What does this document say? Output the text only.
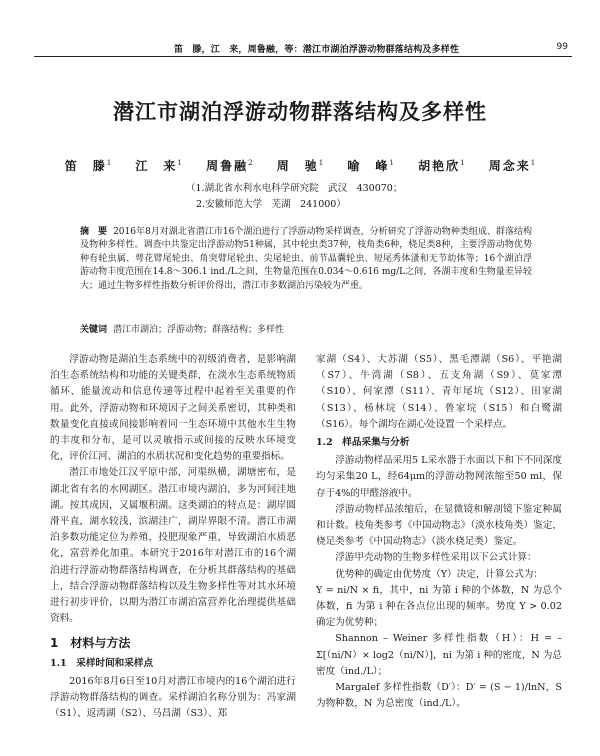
笛　滕，江　来，周鲁融，等：潜江市湖泊浮游动物群落结构及多样性	99
潜江市湖泊浮游动物群落结构及多样性
笛　滕$^1$ 江　来$^1$ 周鲁融$^2$ 周　驰$^1$ 喻　峰$^1$ 胡艳欣$^1$ 周念来$^1$
（1.湖北省水利水电科学研究院　武汉　430070；
2.安徽师范大学　芜湖　241000）
摘　要 2016年8月对湖北省潜江市16个湖泊进行了浮游动物采样调查，分析研究了浮游动物种类组成、群落结构及物种多样性。调查中共鉴定出浮游动物51种属，其中轮虫类37种，枝角类6种，桡足类8种，主要浮游动物优势种有轮虫属、萼花臂尾轮虫、角突臂尾轮虫、尖尾轮虫、前节晶囊轮虫、短尾秀体溞和无节幼体等；16个湖泊浮游动物丰度范围在14.8～306.1 ind./L之间，生物量范围在0.034～0.616 mg/L之间，各湖丰度和生物量差异较大；通过生物多样性指数分析评价得出，潜江市多数湖泊污染较为严重。
关键词 潜江市湖泊；浮游动物；群落结构；多样性

浮游动物是湖泊生态系统中的初级消费者，是影响湖泊生态系统结构和功能的关键类群，在淡水生态系统物质循环、能量流动和信息传递等过程中起着至关重要的作用。此外，浮游动物和环境因子之间关系密切，其种类和数量变化直接或间接影响着同一生态环境中其他水生生物的丰度和分布，是可以灵敏指示或间接的反映水环境变化，评价江河、湖泊的水质状况和变化趋势的重要指标。

潜江市地处江汉平原中部，河渠纵横，湖塘密布，是湖北省有名的水网湖区。潜江市境内湖泊，多为河间洼地湖。按其成因，又属堰积湖。这类湖泊的特点是：湖岸圆滑平直，湖水较浅，滨湖洼广，湖岸界限不清。潜江市湖泊多数功能定位为养殖，投肥现象严重，导致湖泊水质恶化，富营养化加重。本研究于2016年对潜江市的16个湖泊进行浮游动物群落结构调查，在分析其群落结构的基础上，结合浮游动物群落结构以及生物多样性等对其水环境进行初步评价，以期为潜江市湖泊富营养化治理提供基础资料。

1　材料与方法
1.1　采样时间和采样点

2016年8月6日至10月对潜江市境内的16个湖泊进行浮游动物群落结构的调查。采样湖泊名称分别为：冯家湖（S1）、返湾湖（S2）、马昌湖（S3）、郑

家湖（S4）、大苏湖（S5）、黑毛潭湖（S6）、平艳湖（S7）、牛湾湖（S8）、五支角湖（S9）、莫家潭（S10）、何家潭（S11）、青年尾坑（S12）、田家湖（S13）、杨林垸（S14）、鲁家垸（S15）和白鹭湖（S16）。每个湖均在湖心处设置一个采样点。

1.2　样品采集与分析

浮游动物样品采用5 L采水器于水面以下和下不同深度均匀采集20 L，经64μm的浮游动物网浓缩至50 ml，保存于4%的甲醛溶液中。

浮游动物样品浓缩后，在显微镜和解剖镜下鉴定种属和计数。枝角类参考《中国动物志》（淡水枝角类）鉴定，桡足类参考《中国动物志》（淡水桡足类）鉴定。

浮游甲壳动物的生物多样性采用以下公式计算：

优势种的确定由优势度（Y）决定，计算公式为：

Y = ni/N × fi，其中，ni 为第 i 种的个体数，N 为总个体数，fi 为第 i 种在各点位出现的频率。势度 Y > 0.02 确定为优势种；

Shannon – Weiner 多样性指数（H）：H = – Σ[（ni/N）× log2（ni/N）]，ni 为第 i 种的密度，N 为总密度（ind./L）；

Margalef 多样性指数（D′）：D′ = (S − 1)/lnN，S 为物种数，N 为总密度（ind./L）。
